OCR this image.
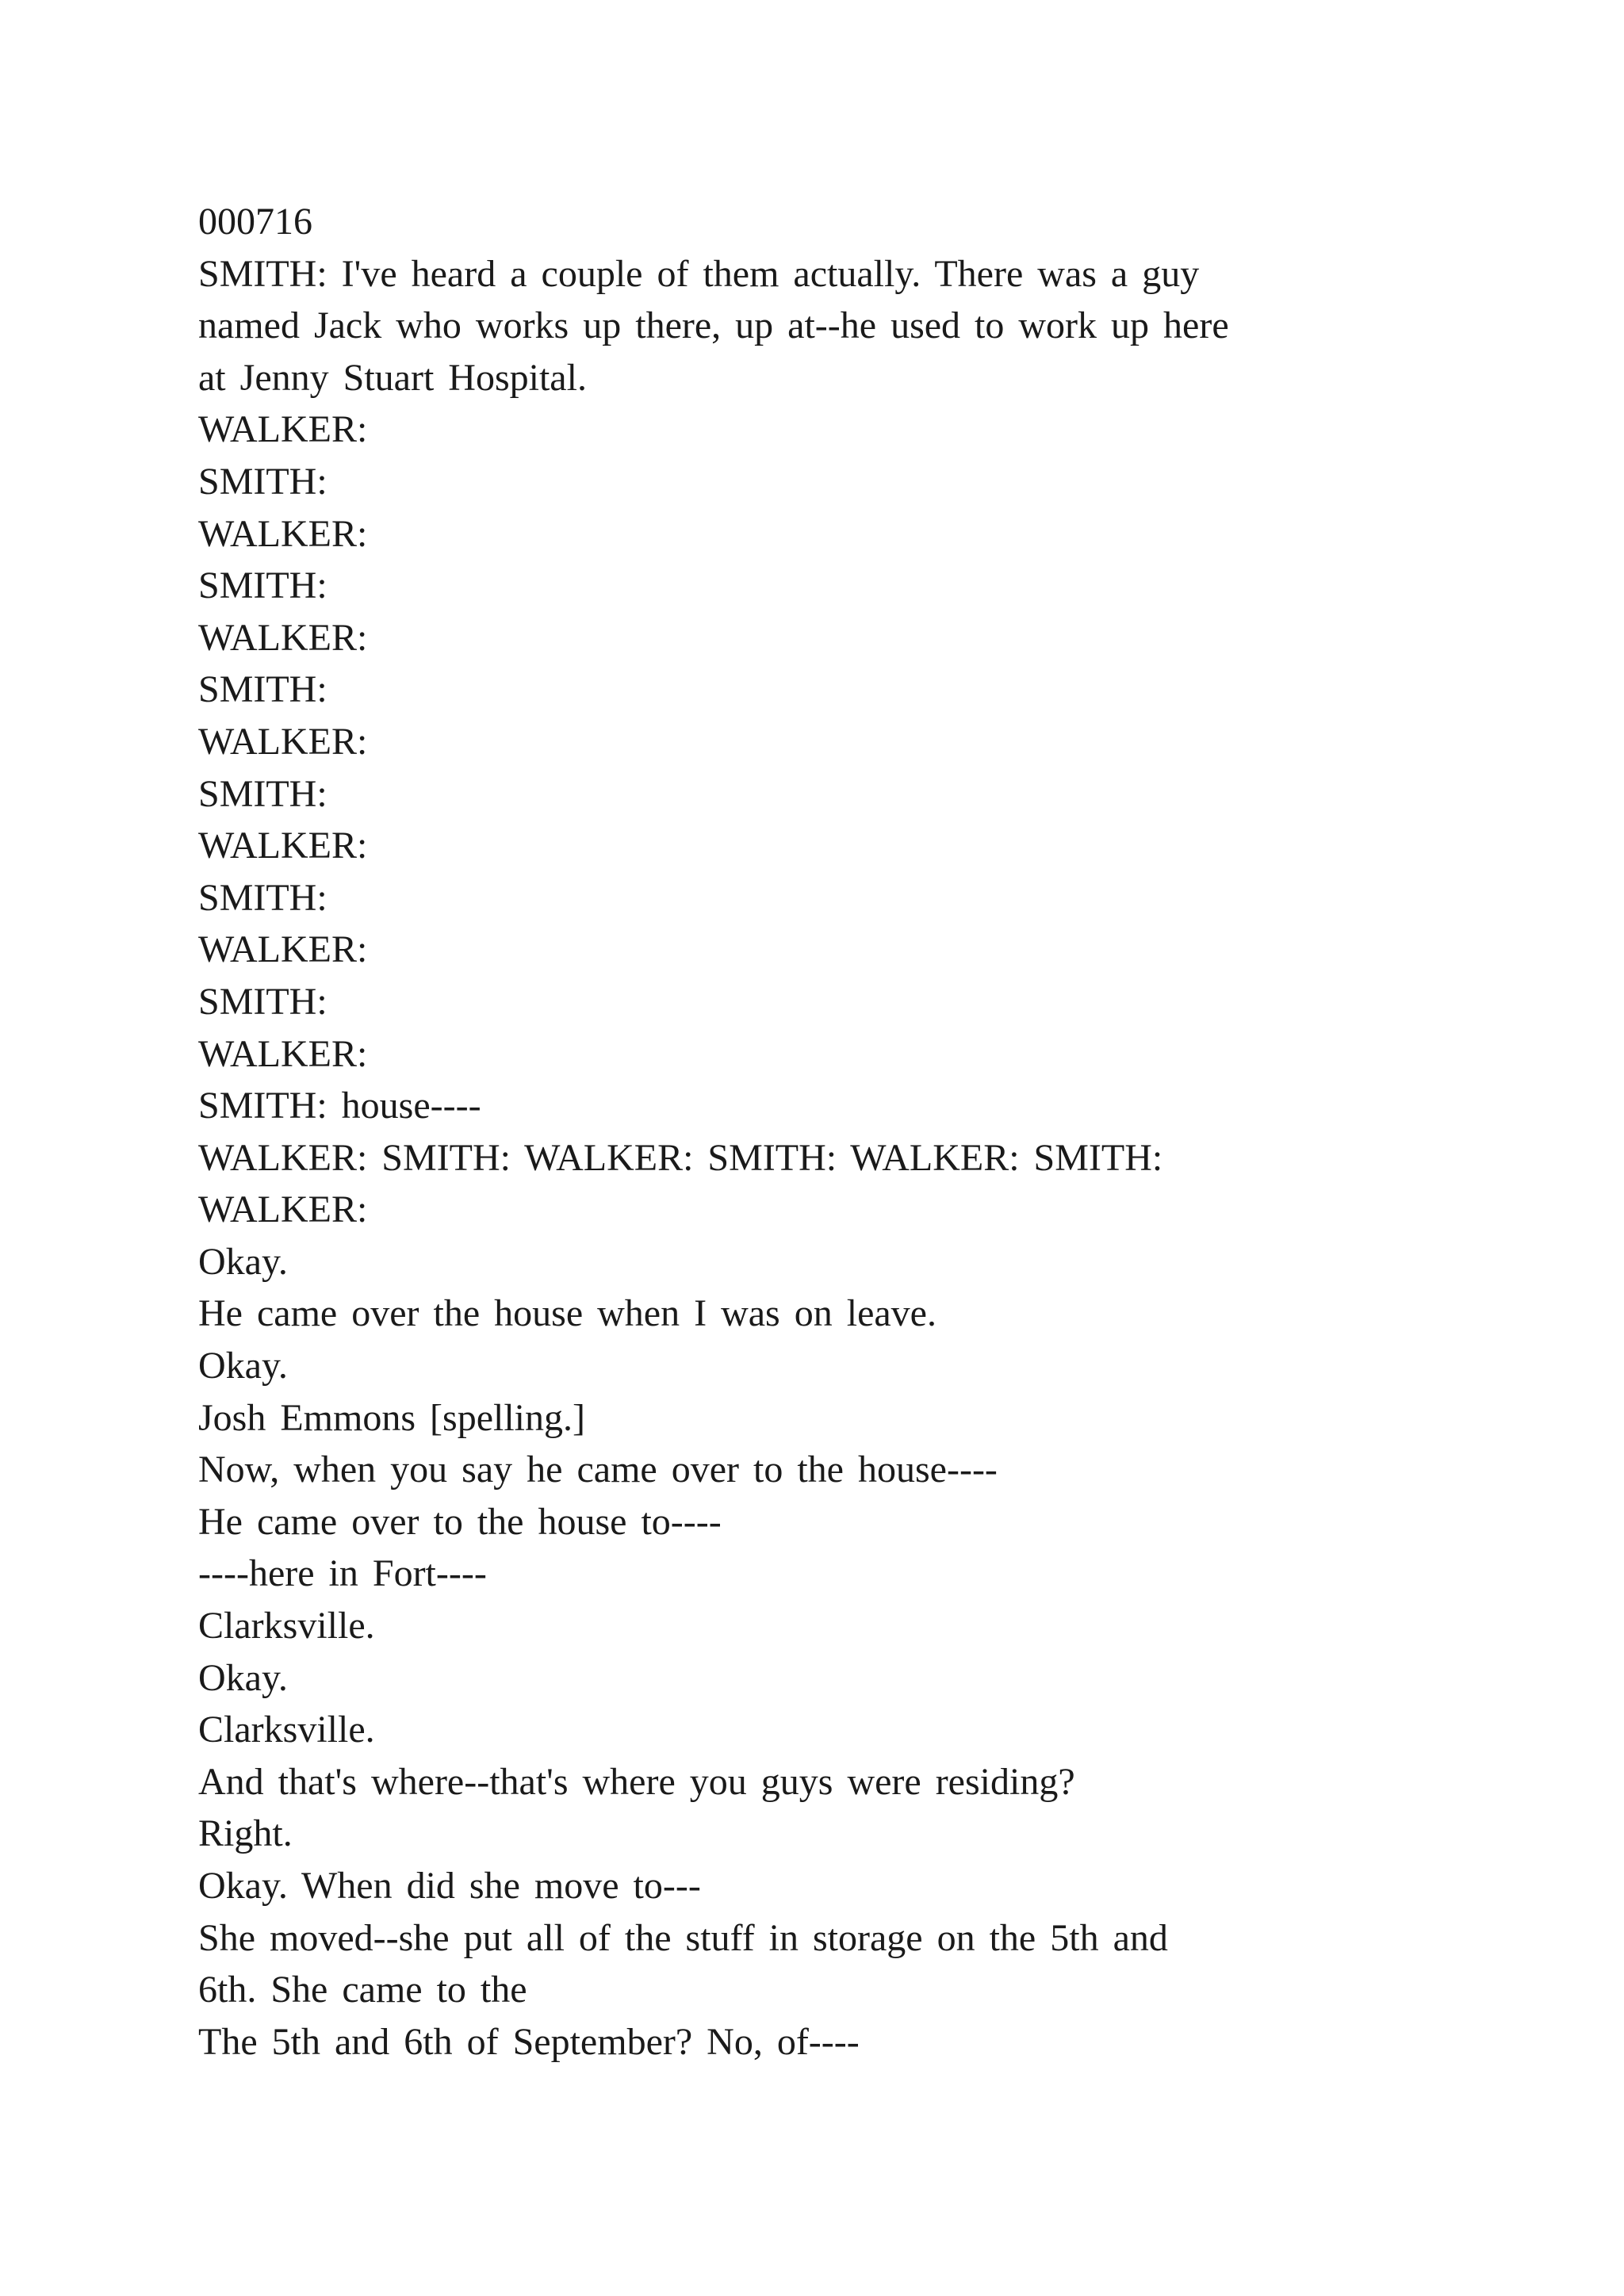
000716
SMITH: I've heard a couple of them actually. There was a guy
named Jack who works up there, up at--he used to work up here
at Jenny Stuart Hospital.
WALKER:
SMITH:
WALKER:
SMITH:
WALKER:
SMITH:
WALKER:
SMITH:
WALKER:
SMITH:
WALKER:
SMITH:
WALKER:
SMITH: house----
WALKER: SMITH: WALKER: SMITH: WALKER: SMITH:
WALKER:
Okay.
He came over the house when I was on leave.
Okay.
Josh Emmons [spelling.]
Now, when you say he came over to the house----
He came over to the house to----
----here in Fort----
Clarksville.
Okay.
Clarksville.
And that's where--that's where you guys were residing?
Right.
Okay. When did she move to---
She moved--she put all of the stuff in storage on the 5th and
6th. She came to the
The 5th and 6th of September? No, of----
